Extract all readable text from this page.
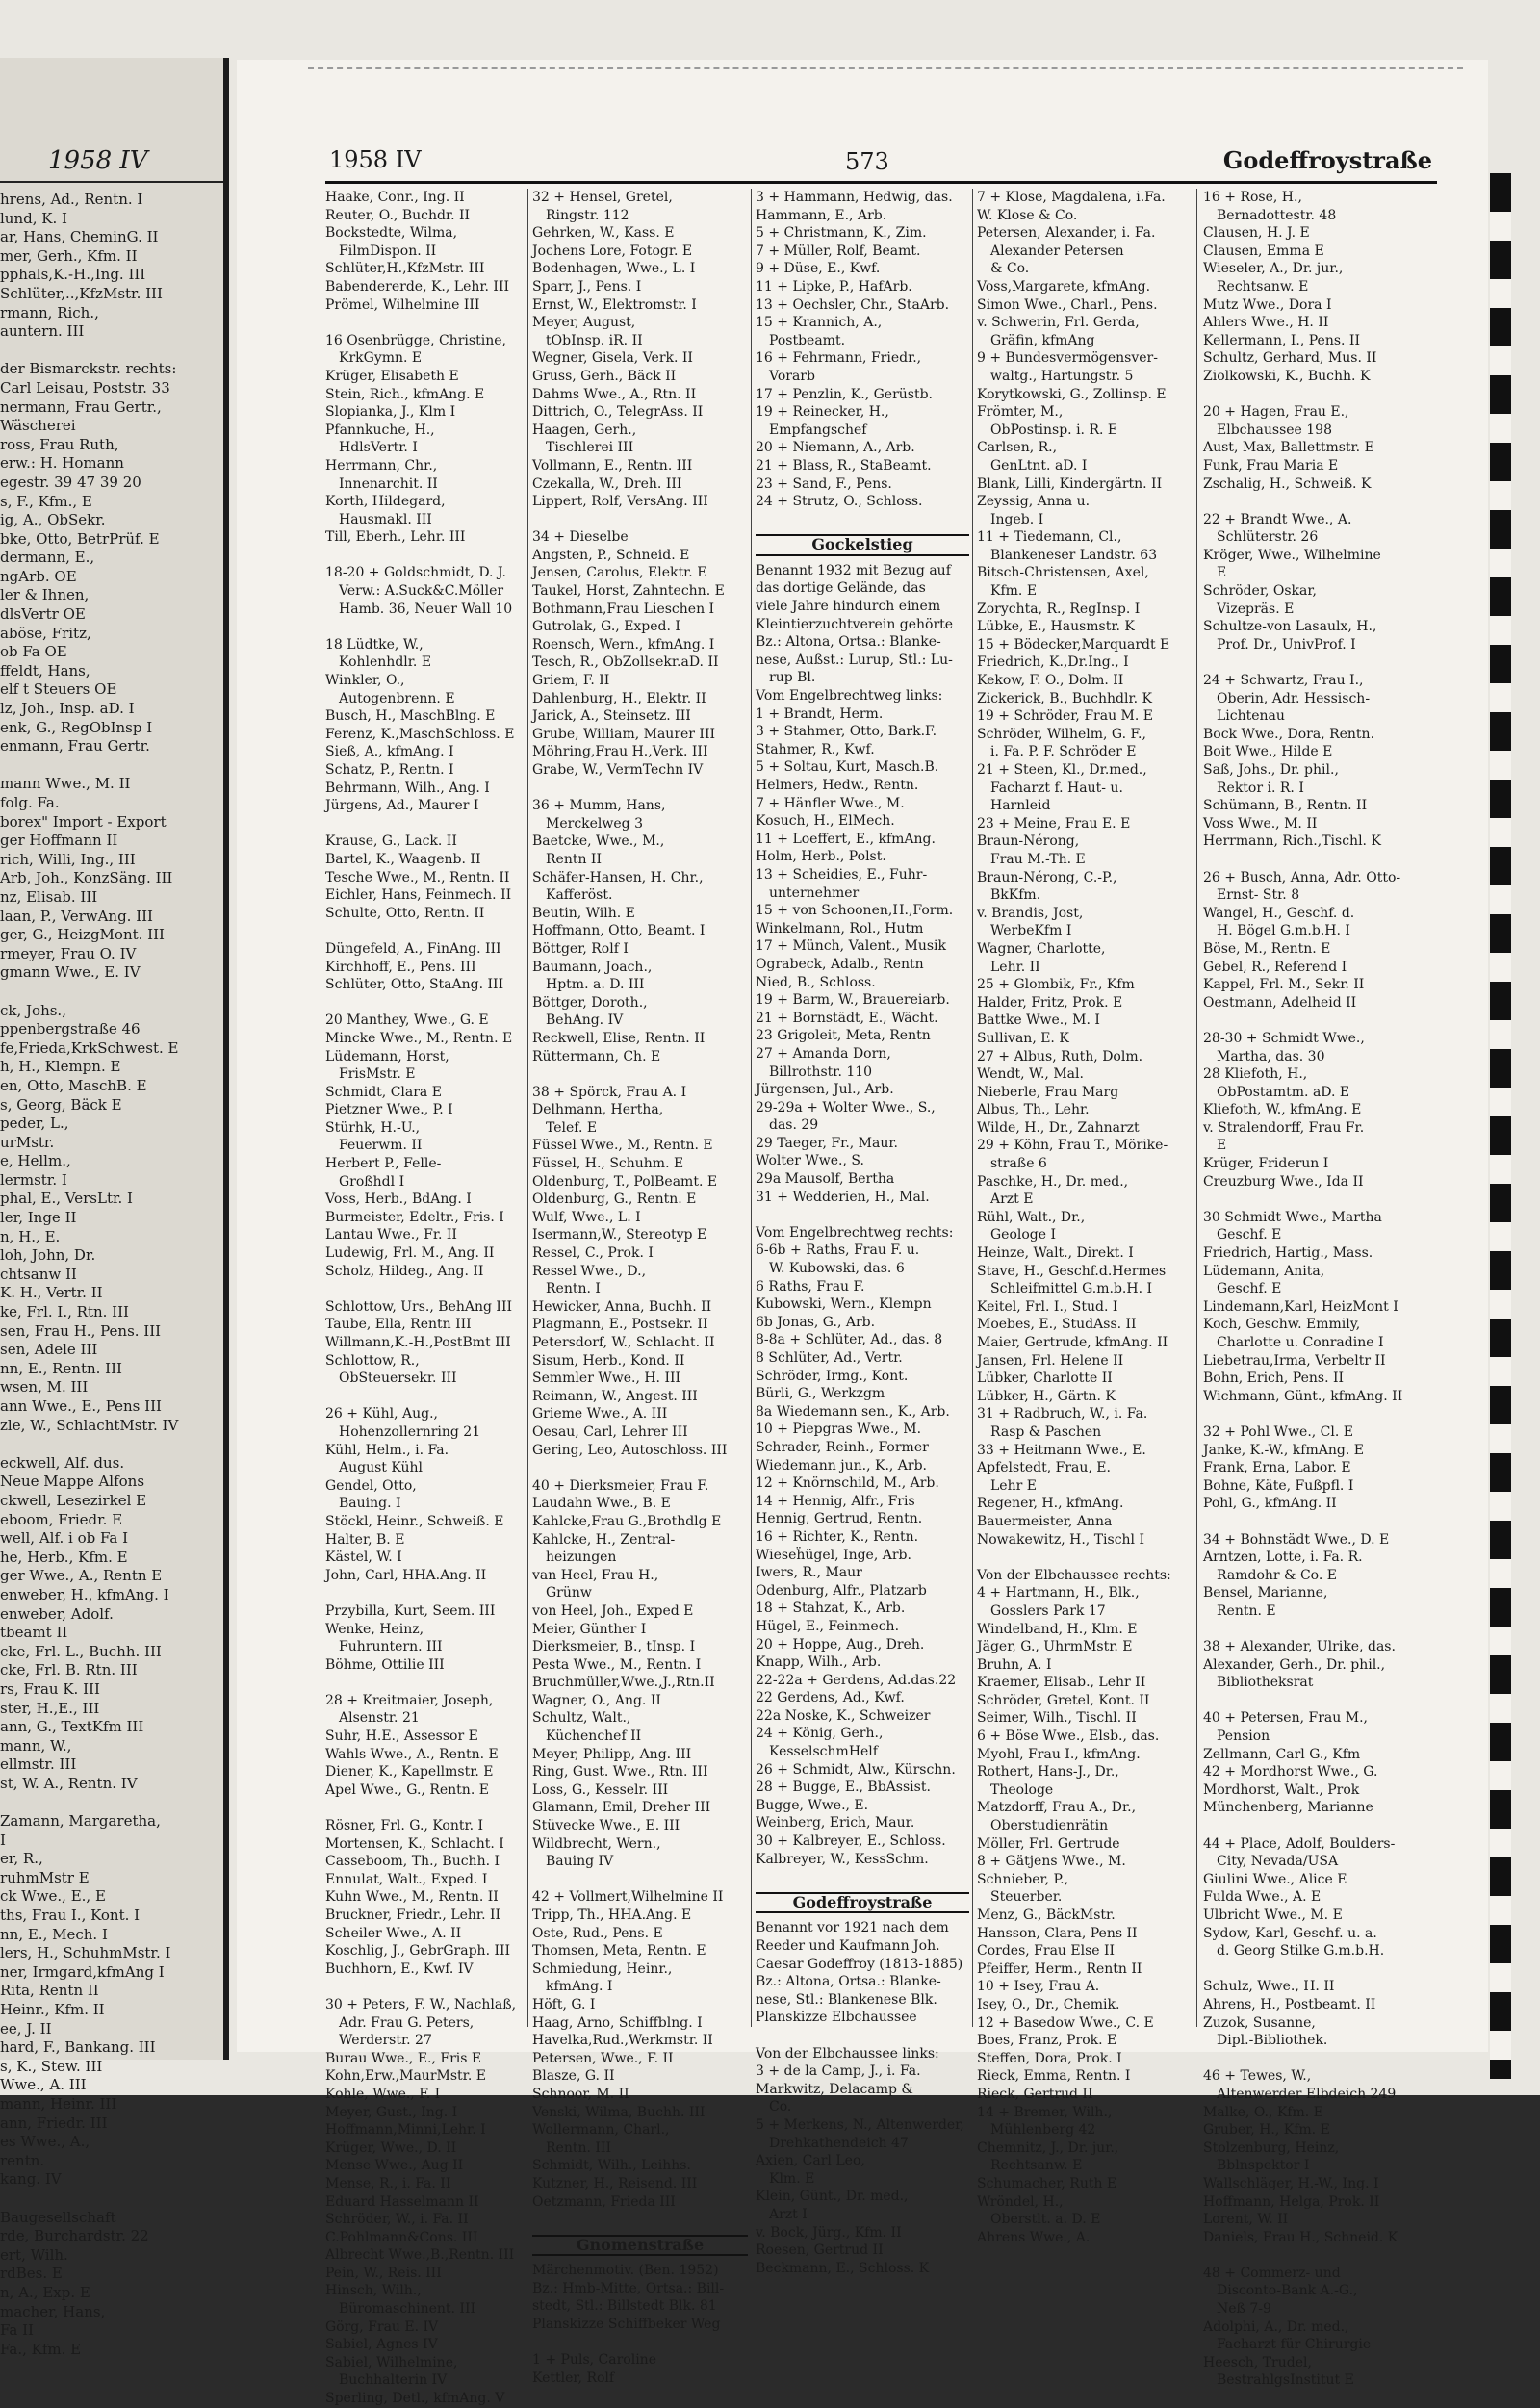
1958 IV
hrens, Ad., Rentn. I
lund, K. I
ar, Hans, CheminG. II
mer, Gerh., Kfm. II
pphals,K.-H.,Ing. III
Schlüter,..,KfzMstr. III
rmann, Rich.,
auntern. III

der Bismarckstr. rechts:
Carl Leisau, Poststr. 33
nermann, Frau Gertr.,
Wäscherei
ross, Frau Ruth,
erw.: H. Homann
egestr. 39 47 39 20
s, F., Kfm., E
ig, A., ObSekr.
bke, Otto, BetrPrüf. E
dermann, E.,
ngArb. OE
ler & Ihnen,
dlsVertr OE
aböse, Fritz,
ob Fa OE
ffeldt, Hans,
elf t Steuers OE
lz, Joh., Insp. aD. I
enk, G., RegObInsp I
enmann, Frau Gertr.

mann Wwe., M. II
folg. Fa.
borex" Import - Export
ger Hoffmann II
rich, Willi, Ing., III
Arb, Joh., KonzSäng. III
nz, Elisab. III
laan, P., VerwAng. III
ger, G., HeizgMont. III
rmeyer, Frau O. IV
gmann Wwe., E. IV

ck, Johs.,
ppenbergstraße 46
fe,Frieda,KrkSchwest. E
h, H., Klempn. E
en, Otto, MaschB. E
s, Georg, Bäck E
peder, L.,
urMstr.
e, Hellm.,
lermstr. I
phal, E., VersLtr. I
ler, Inge II
n, H., E.
loh, John, Dr.
chtsanw II
K. H., Vertr. II
ke, Frl. I., Rtn. III
sen, Frau H., Pens. III
sen, Adele III
nn, E., Rentn. III
wsen, M. III
ann Wwe., E., Pens III
zle, W., SchlachtMstr. IV

eckwell, Alf. dus.
Neue Mappe Alfons
ckwell, Lesezirkel E
eboom, Friedr. E
well, Alf. i ob Fa I
he, Herb., Kfm. E
ger Wwe., A., Rentn E
enweber, H., kfmAng. I
enweber, Adolf.
tbeamt II
cke, Frl. L., Buchh. III
cke, Frl. B. Rtn. III
rs, Frau K. III
ster, H.,E., III
ann, G., TextKfm III
mann, W.,
ellmstr. III
st, W. A., Rentn. IV

Zamann, Margaretha,
I
er, R.,
ruhmMstr E
ck Wwe., E., E
ths, Frau I., Kont. I
nn, E., Mech. I
lers, H., SchuhmMstr. I
ner, Irmgard,kfmAng I
Rita, Rentn II
Heinr., Kfm. II
ee, J. II
hard, F., Bankang. III
s, K., Stew. III
Wwe., A. III
mann, Heinr. III
ann, Friedr. III
es Wwe., A.,
rentn.
kang. IV

Baugesellschaft
rde, Burchardstr. 22
ert, Wilh.
rdBes. E
n, A., Exp. E
macher, Hans,
Fa II
Fa., Kfm. E
1958 IV	573	Godeffroystraße
Haake, Conr., Ing. II
Reuter, O., Buchdr. II
Bockstedte, Wilma,
FilmDispon. II
Schlüter,H.,KfzMstr. III
Babendererde, K., Lehr. III
Prömel, Wilhelmine III

16 Osenbrügge, Christine,
KrkGymn. E
Krüger, Elisabeth E
Stein, Rich., kfmAng. E
Slopianka, J., Klm I
Pfannkuche, H.,
HdlsVertr. I
Herrmann, Chr.,
Innenarchit. II
Korth, Hildegard,
Hausmakl. III
Till, Eberh., Lehr. III

18-20 + Goldschmidt, D. J.
Verw.: A.Suck&C.Möller
Hamb. 36, Neuer Wall 10

18 Lüdtke, W.,
Kohlenhdlr. E
Winkler, O.,
Autogenbrenn. E
Busch, H., MaschBlng. E
Ferenz, K.,MaschSchloss. E
Sieß, A., kfmAng. I
Schatz, P., Rentn. I
Behrmann, Wilh., Ang. I
Jürgens, Ad., Maurer I

Krause, G., Lack. II
Bartel, K., Waagenb. II
Tesche Wwe., M., Rentn. II
Eichler, Hans, Feinmech. II
Schulte, Otto, Rentn. II

Düngefeld, A., FinAng. III
Kirchhoff, E., Pens. III
Schlüter, Otto, StaAng. III

20 Manthey, Wwe., G. E
Mincke Wwe., M., Rentn. E
Lüdemann, Horst,
FrisMstr. E
Schmidt, Clara E
Pietzner Wwe., P. I
Stürhk, H.-U.,
Feuerwm. II
Herbert P., Felle-
Großhdl I
Voss, Herb., BdAng. I
Burmeister, Edeltr., Fris. I
Lantau Wwe., Fr. II
Ludewig, Frl. M., Ang. II
Scholz, Hildeg., Ang. II

Schlottow, Urs., BehAng III
Taube, Ella, Rentn III
Willmann,K.-H.,PostBmt III
Schlottow, R.,
ObSteuersekr. III

26 + Kühl, Aug.,
Hohenzollernring 21
Kühl, Helm., i. Fa.
August Kühl
Gendel, Otto,
Bauing. I
Stöckl, Heinr., Schweiß. E
Halter, B. E
Kästel, W. I
John, Carl, HHA.Ang. II

Przybilla, Kurt, Seem. III
Wenke, Heinz,
Fuhruntern. III
Böhme, Ottilie III

28 + Kreitmaier, Joseph,
Alsenstr. 21
Suhr, H.E., Assessor E
Wahls Wwe., A., Rentn. E
Diener, K., Kapellmstr. E
Apel Wwe., G., Rentn. E

Rösner, Frl. G., Kontr. I
Mortensen, K., Schlacht. I
Casseboom, Th., Buchh. I
Ennulat, Walt., Exped. I
Kuhn Wwe., M., Rentn. II
Bruckner, Friedr., Lehr. II
Scheiler Wwe., A. II
Koschlig, J., GebrGraph. III
Buchhorn, E., Kwf. IV

30 + Peters, F. W., Nachlaß,
Adr. Frau G. Peters,
Werderstr. 27
Burau Wwe., E., Fris E
Kohn,Erw.,MaurMstr. E
Kohle, Wwe., F. I
Meyer, Gust., Ing. I
Hoffmann,Minni,Lehr. I
Krüger, Wwe., D. II
Mense Wwe., Aug II
Mense, R., i. Fa. II
Eduard Hasselmann II
Schröder, W., i. Fa. II
C.Pohlmann&Cons. III
Albrecht Wwe.,B.,Rentn. III
Pein, W., Reis. III
Hinsch, Wilh.,
Büromaschinent. III
Görg, Frau E. IV
Sabiel, Agnes IV
Sabiel, Wilhelmine,
Buchhalterin IV
Sperling, Detl., kfmAng. V
32 + Hensel, Gretel,
Ringstr. 112
Gehrken, W., Kass. E
Jochens Lore, Fotogr. E
Bodenhagen, Wwe., L. I
Sparr, J., Pens. I
Ernst, W., Elektromstr. I
Meyer, August,
tObInsp. iR. II
Wegner, Gisela, Verk. II
Gruss, Gerh., Bäck II
Dahms Wwe., A., Rtn. II
Dittrich, O., TelegrAss. II
Haagen, Gerh.,
Tischlerei III
Vollmann, E., Rentn. III
Czekalla, W., Dreh. III
Lippert, Rolf, VersAng. III

34 + Dieselbe
Angsten, P., Schneid. E
Jensen, Carolus, Elektr. E
Taukel, Horst, Zahntechn. E
Bothmann,Frau Lieschen I
Gutrolak, G., Exped. I
Roensch, Wern., kfmAng. I
Tesch, R., ObZollsekr.aD. II
Griem, F. II
Dahlenburg, H., Elektr. II
Jarick, A., Steinsetz. III
Grube, William, Maurer III
Möhring,Frau H.,Verk. III
Grabe, W., VermTechn IV

36 + Mumm, Hans,
Merckelweg 3
Baetcke, Wwe., M.,
Rentn II
Schäfer-Hansen, H. Chr.,
Kafferöst.
Beutin, Wilh. E
Hoffmann, Otto, Beamt. I
Böttger, Rolf I
Baumann, Joach.,
Hptm. a. D. III
Böttger, Doroth.,
BehAng. IV
Reckwell, Elise, Rentn. II
Rüttermann, Ch. E

38 + Spörck, Frau A. I
Delhmann, Hertha,
Telef. E
Füssel Wwe., M., Rentn. E
Füssel, H., Schuhm. E
Oldenburg, T., PolBeamt. E
Oldenburg, G., Rentn. E
Wulf, Wwe., L. I
Isermann,W., Stereotyp E
Ressel, C., Prok. I
Ressel Wwe., D.,
Rentn. I
Hewicker, Anna, Buchh. II
Plagmann, E., Postsekr. II
Petersdorf, W., Schlacht. II
Sisum, Herb., Kond. II
Semmler Wwe., H. III
Reimann, W., Angest. III
Grieme Wwe., A. III
Oesau, Carl, Lehrer III
Gering, Leo, Autoschloss. III

40 + Dierksmeier, Frau F.
Laudahn Wwe., B. E
Kahlcke,Frau G.,Brothdlg E
Kahlcke, H., Zentral-
heizungen
van Heel, Frau H.,
Grünw
von Heel, Joh., Exped E
Meier, Günther I
Dierksmeier, B., tInsp. I
Pesta Wwe., M., Rentn. I
Bruchmüller,Wwe.,J.,Rtn.II
Wagner, O., Ang. II
Schultz, Walt.,
Küchenchef II
Meyer, Philipp, Ang. III
Ring, Gust. Wwe., Rtn. III
Loss, G., Kesselr. III
Glamann, Emil, Dreher III
Stüvecke Wwe., E. III
Wildbrecht, Wern.,
Bauing IV

42 + Vollmert,Wilhelmine II
Tripp, Th., HHA.Ang. E
Oste, Rud., Pens. E
Thomsen, Meta, Rentn. E
Schmiedung, Heinr.,
kfmAng. I
Höft, G. I
Haag, Arno, Schiffblng. I
Havelka,Rud.,Werkmstr. II
Petersen, Wwe., F. II
Blasze, G. II
Schnoor, M. II
Venski, Wilma, Buchh. III
Wollermann, Charl.,
Rentn. III
Schmidt, Wilh., Leihhs.
Kutzner, H., Reisend. III
Oetzmann, Frieda III

Gnomenstraße
Märchenmotiv. (Ben. 1952)
Bz.: Hmb-Mitte, Ortsa.: Bill-
stedt, Stl.: Billstedt Blk. 81
Planskizze Schiffbeker Weg

1 + Puls, Caroline
Kettler, Rolf
3 + Hammann, Hedwig, das.
Hammann, E., Arb.
5 + Christmann, K., Zim.
7 + Müller, Rolf, Beamt.
9 + Düse, E., Kwf.
11 + Lipke, P., HafArb.
13 + Oechsler, Chr., StaArb.
15 + Krannich, A.,
Postbeamt.
16 + Fehrmann, Friedr.,
Vorarb
17 + Penzlin, K., Gerüstb.
19 + Reinecker, H.,
Empfangschef
20 + Niemann, A., Arb.
21 + Blass, R., StaBeamt.
23 + Sand, F., Pens.
24 + Strutz, O., Schloss.

Gockelstieg
Benannt 1932 mit Bezug auf
das dortige Gelände, das
viele Jahre hindurch einem
Kleintierzuchtverein gehörte
Bz.: Altona, Ortsa.: Blanke-
nese, Außst.: Lurup, Stl.: Lu-
rup Bl.
Vom Engelbrechtweg links:
1 + Brandt, Herm.
3 + Stahmer, Otto, Bark.F.
Stahmer, R., Kwf.
5 + Soltau, Kurt, Masch.B.
Helmers, Hedw., Rentn.
7 + Hänfler Wwe., M.
Kosuch, H., ElMech.
11 + Loeffert, E., kfmAng.
Holm, Herb., Polst.
13 + Scheidies, E., Fuhr-
unternehmer
15 + von Schoonen,H.,Form.
Winkelmann, Rol., Hutm
17 + Münch, Valent., Musik
Ograbeck, Adalb., Rentn
Nied, B., Schloss.
19 + Barm, W., Brauereiarb.
21 + Bornstädt, E., Wächt.
23 Grigoleit, Meta, Rentn
27 + Amanda Dorn,
Billrothstr. 110
Jürgensen, Jul., Arb.
29-29a + Wolter Wwe., S.,
das. 29
29 Taeger, Fr., Maur.
Wolter Wwe., S.
29a Mausolf, Bertha
31 + Wedderien, H., Mal.

Vom Engelbrechtweg rechts:
6-6b + Raths, Frau F. u.
W. Kubowski, das. 6
6 Raths, Frau F.
Kubowski, Wern., Klempn
6b Jonas, G., Arb.
8-8a + Schlüter, Ad., das. 8
8 Schlüter, Ad., Vertr.
Schröder, Irmg., Kont.
Bürli, G., Werkzgm
8a Wiedemann sen., K., Arb.
10 + Piepgras Wwe., M.
Schrader, Reinh., Former
Wiedemann jun., K., Arb.
12 + Knörnschild, M., Arb.
14 + Hennig, Alfr., Fris
Hennig, Gertrud, Rentn.
16 + Richter, K., Rentn.
Wieseḧügel, Inge, Arb.
Iwers, R., Maur
Odenburg, Alfr., Platzarb
18 + Stahzat, K., Arb.
Hügel, E., Feinmech.
20 + Hoppe, Aug., Dreh.
Knapp, Wilh., Arb.
22-22a + Gerdens, Ad.das.22
22 Gerdens, Ad., Kwf.
22a Noske, K., Schweizer
24 + König, Gerh.,
KesselschmHelf
26 + Schmidt, Alw., Kürschn.
28 + Bugge, E., BbAssist.
Bugge, Wwe., E.
Weinberg, Erich, Maur.
30 + Kalbreyer, E., Schloss.
Kalbreyer, W., KessSchm.

Godeffroystraße
Benannt vor 1921 nach dem
Reeder und Kaufmann Joh.
Caesar Godeffroy (1813-1885)
Bz.: Altona, Ortsa.: Blanke-
nese, Stl.: Blankenese Blk.
Planskizze Elbchaussee

Von der Elbchaussee links:
3 + de la Camp, J., i. Fa.
Markwitz, Delacamp &
Co.
5 + Merkens, N., Altenwerder,
Drehkathendeich 47
Axien, Carl Leo,
Klm. E
Klein, Günt., Dr. med.,
Arzt I
v. Bock, Jürg., Kfm. II
Roesen, Gertrud II
Beckmann, E., Schloss. K
7 + Klose, Magdalena, i.Fa.
W. Klose & Co.
Petersen, Alexander, i. Fa.
Alexander Petersen
& Co.
Voss,Margarete, kfmAng.
Simon Wwe., Charl., Pens.
v. Schwerin, Frl. Gerda,
Gräfin, kfmAng
9 + Bundesvermögensver-
waltg., Hartungstr. 5
Korytkowski, G., Zollinsp. E
Frömter, M.,
ObPostinsp. i. R. E
Carlsen, R.,
GenLtnt. aD. I
Blank, Lilli, Kindergärtn. II
Zeyssig, Anna u.
Ingeb. I
11 + Tiedemann, Cl.,
Blankeneser Landstr. 63
Bitsch-Christensen, Axel,
Kfm. E
Zorychta, R., RegInsp. I
Lübke, E., Hausmstr. K
15 + Bödecker,Marquardt E
Friedrich, K.,Dr.Ing., I
Kekow, F. O., Dolm. II
Zickerick, B., Buchhdlr. K
19 + Schröder, Frau M. E
Schröder, Wilhelm, G. F.,
i. Fa. P. F. Schröder E
21 + Steen, Kl., Dr.med.,
Facharzt f. Haut- u.
Harnleid
23 + Meine, Frau E. E
Braun-Nérong,
Frau M.-Th. E
Braun-Nérong, C.-P.,
BkKfm.
v. Brandis, Jost,
WerbeKfm I
Wagner, Charlotte,
Lehr. II
25 + Glombik, Fr., Kfm
Halder, Fritz, Prok. E
Battke Wwe., M. I
Sullivan, E. K
27 + Albus, Ruth, Dolm.
Wendt, W., Mal.
Nieberle, Frau Marg
Albus, Th., Lehr.
Wilde, H., Dr., Zahnarzt
29 + Köhn, Frau T., Mörike-
straße 6
Paschke, H., Dr. med.,
Arzt E
Rühl, Walt., Dr.,
Geologe I
Heinze, Walt., Direkt. I
Stave, H., Geschf.d.Hermes
Schleifmittel G.m.b.H. I
Keitel, Frl. I., Stud. I
Moebes, E., StudAss. II
Maier, Gertrude, kfmAng. II
Jansen, Frl. Helene II
Lübker, Charlotte II
Lübker, H., Gärtn. K
31 + Radbruch, W., i. Fa.
Rasp & Paschen
33 + Heitmann Wwe., E.
Apfelstedt, Frau, E.
Lehr E
Regener, H., kfmAng.
Bauermeister, Anna
Nowakewitz, H., Tischl I

Von der Elbchaussee rechts:
4 + Hartmann, H., Blk.,
Gosslers Park 17
Windelband, H., Klm. E
Jäger, G., UhrmMstr. E
Bruhn, A. I
Kraemer, Elisab., Lehr II
Schröder, Gretel, Kont. II
Seimer, Wilh., Tischl. II
6 + Böse Wwe., Elsb., das.
Myohl, Frau I., kfmAng.
Rothert, Hans-J., Dr.,
Theologe
Matzdorff, Frau A., Dr.,
Oberstudienrätin
Möller, Frl. Gertrude
8 + Gätjens Wwe., M.
Schnieber, P.,
Steuerber.
Menz, G., BäckMstr.
Hansson, Clara, Pens II
Cordes, Frau Else II
Pfeiffer, Herm., Rentn II
10 + Isey, Frau A.
Isey, O., Dr., Chemik.
12 + Basedow Wwe., C. E
Boes, Franz, Prok. E
Steffen, Dora, Prok. I
Rieck, Emma, Rentn. I
Rieck, Gertrud II
14 + Bremer, Wilh.,
Mühlenberg 42
Chemnitz, J., Dr. jur.,
Rechtsanw. E
Schumacher, Ruth E
Wröndel, H.,
Oberstlt. a. D. E
Ahrens Wwe., A.
16 + Rose, H.,
Bernadottestr. 48
Clausen, H. J. E
Clausen, Emma E
Wieseler, A., Dr. jur.,
Rechtsanw. E
Mutz Wwe., Dora I
Ahlers Wwe., H. II
Kellermann, I., Pens. II
Schultz, Gerhard, Mus. II
Ziolkowski, K., Buchh. K

20 + Hagen, Frau E.,
Elbchaussee 198
Aust, Max, Ballettmstr. E
Funk, Frau Maria E
Zschalig, H., Schweiß. K

22 + Brandt Wwe., A.
Schlüterstr. 26
Kröger, Wwe., Wilhelmine
E
Schröder, Oskar,
Vizepräs. E
Schultze-von Lasaulx, H.,
Prof. Dr., UnivProf. I

24 + Schwartz, Frau I.,
Oberin, Adr. Hessisch-
Lichtenau
Bock Wwe., Dora, Rentn.
Boit Wwe., Hilde E
Saß, Johs., Dr. phil.,
Rektor i. R. I
Schümann, B., Rentn. II
Voss Wwe., M. II
Herrmann, Rich.,Tischl. K

26 + Busch, Anna, Adr. Otto-
Ernst- Str. 8
Wangel, H., Geschf. d.
H. Bögel G.m.b.H. I
Böse, M., Rentn. E
Gebel, R., Referend I
Kappel, Frl. M., Sekr. II
Oestmann, Adelheid II

28-30 + Schmidt Wwe.,
Martha, das. 30
28 Kliefoth, H.,
ObPostamtm. aD. E
Kliefoth, W., kfmAng. E
v. Stralendorff, Frau Fr.
E
Krüger, Friderun I
Creuzburg Wwe., Ida II

30 Schmidt Wwe., Martha
Geschf. E
Friedrich, Hartig., Mass.
Lüdemann, Anita,
Geschf. E
Lindemann,Karl, HeizMont I
Koch, Geschw. Emmily,
Charlotte u. Conradine I
Liebetrau,Irma, Verbeltr II
Bohn, Erich, Pens. II
Wichmann, Günt., kfmAng. II

32 + Pohl Wwe., Cl. E
Janke, K.-W., kfmAng. E
Frank, Erna, Labor. E
Bohne, Käte, Fußpfl. I
Pohl, G., kfmAng. II

34 + Bohnstädt Wwe., D. E
Arntzen, Lotte, i. Fa. R.
Ramdohr & Co. E
Bensel, Marianne,
Rentn. E

38 + Alexander, Ulrike, das.
Alexander, Gerh., Dr. phil.,
Bibliotheksrat

40 + Petersen, Frau M.,
Pension
Zellmann, Carl G., Kfm
42 + Mordhorst Wwe., G.
Mordhorst, Walt., Prok
Münchenberg, Marianne

44 + Place, Adolf, Boulders-
City, Nevada/USA
Giulini Wwe., Alice E
Fulda Wwe., A. E
Ulbricht Wwe., M. E
Sydow, Karl, Geschf. u. a.
d. Georg Stilke G.m.b.H.

Schulz, Wwe., H. II
Ahrens, H., Postbeamt. II
Zuzok, Susanne,
Dipl.-Bibliothek.

46 + Tewes, W.,
Altenwerder Elbdeich 249
Malke, O., Kfm. E
Gruber, H., Kfm. E
Stolzenburg, Heinz,
Bblnspektor I
Wallschläger, H.-W., Ing. I
Hoffmann, Helga, Prok. II
Lorent, W. II
Daniels, Frau H., Schneid. K

48 + Commerz- und
Disconto-Bank A.-G.,
Neß 7-9
Adolphi, A., Dr. med.,
Facharzt für Chirurgie
Heesch, Trudel,
BestrahlgsInstitut E
